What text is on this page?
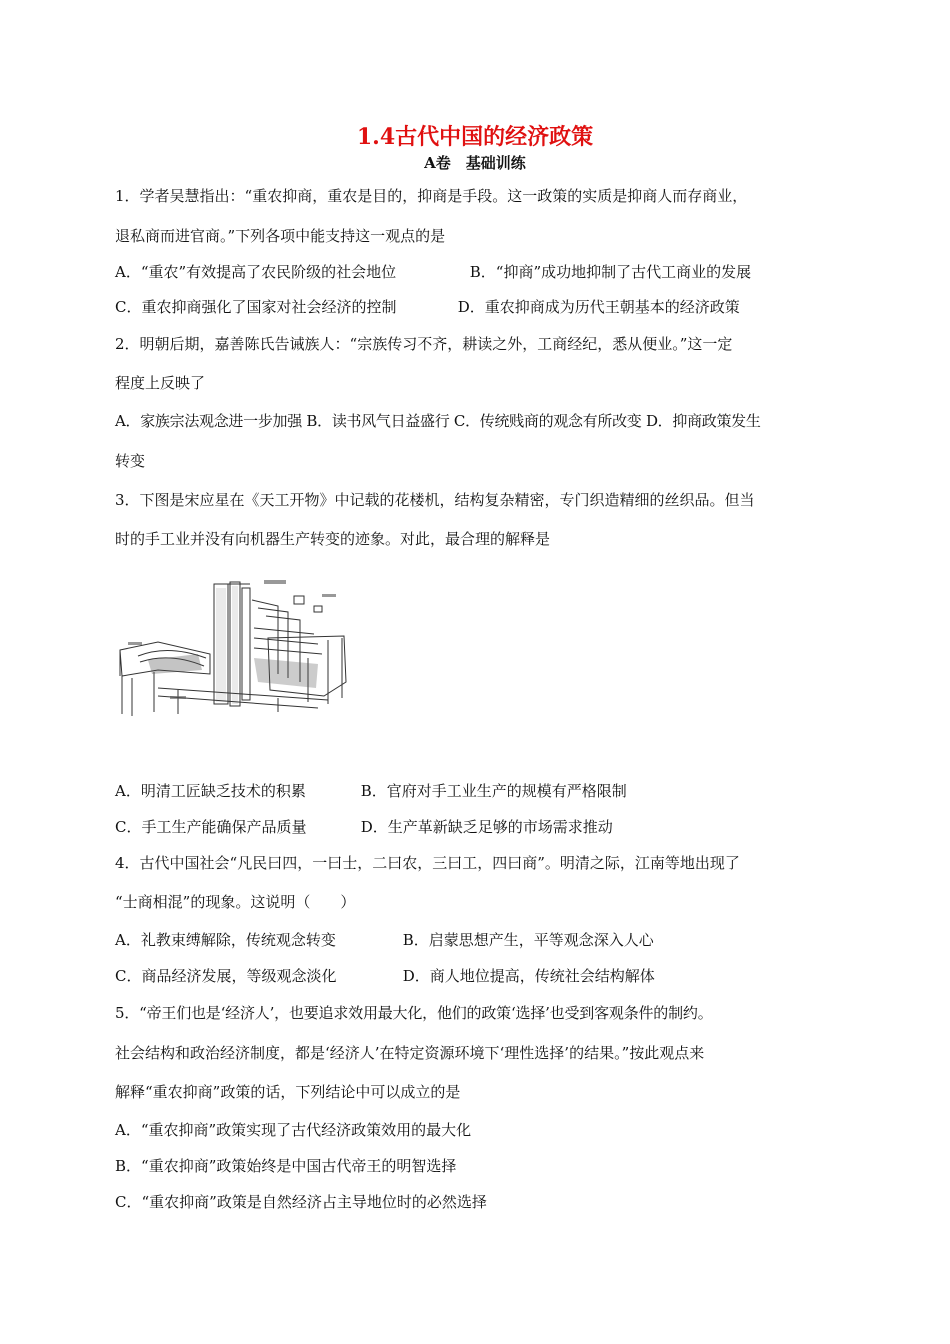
1.4古代中国的经济政策
A卷　基础训练
1．学者吴慧指出：“重农抑商，重农是目的，抑商是手段。这一政策的实质是抑商人而存商业，
退私商而进官商。”下列各项中能支持这一观点的是
A．“重农”有效提高了农民阶级的社会地位	B．“抑商”成功地抑制了古代工商业的发展
C．重农抑商强化了国家对社会经济的控制	D．重农抑商成为历代王朝基本的经济政策
2．明朝后期，嘉善陈氏告诫族人：“宗族传习不齐，耕读之外，工商经纪，悉从便业。”这一定
程度上反映了
A．家族宗法观念进一步加强 B．读书风气日益盛行 C．传统贱商的观念有所改变 D．抑商政策发生
转变
3．下图是宋应星在《天工开物》中记载的花楼机，结构复杂精密，专门织造精细的丝织品。但当
时的手工业并没有向机器生产转变的迹象。对此，最合理的解释是
A．明清工匠缺乏技术的积累	B．官府对手工业生产的规模有严格限制
C．手工生产能确保产品质量	D．生产革新缺乏足够的市场需求推动
4．古代中国社会“凡民曰四，一曰士，二曰农，三曰工，四曰商”。明清之际，江南等地出现了
“士商相混”的现象。这说明（　　）
A．礼教束缚解除，传统观念转变	B．启蒙思想产生，平等观念深入人心
C．商品经济发展，等级观念淡化	D．商人地位提高，传统社会结构解体
5．“帝王们也是‘经济人’，也要追求效用最大化，他们的政策‘选择’也受到客观条件的制约。
社会结构和政治经济制度，都是‘经济人’在特定资源环境下‘理性选择’的结果。”按此观点来
解释“重农抑商”政策的话，下列结论中可以成立的是
A．“重农抑商”政策实现了古代经济政策效用的最大化
B．“重农抑商”政策始终是中国古代帝王的明智选择
C．“重农抑商”政策是自然经济占主导地位时的必然选择
